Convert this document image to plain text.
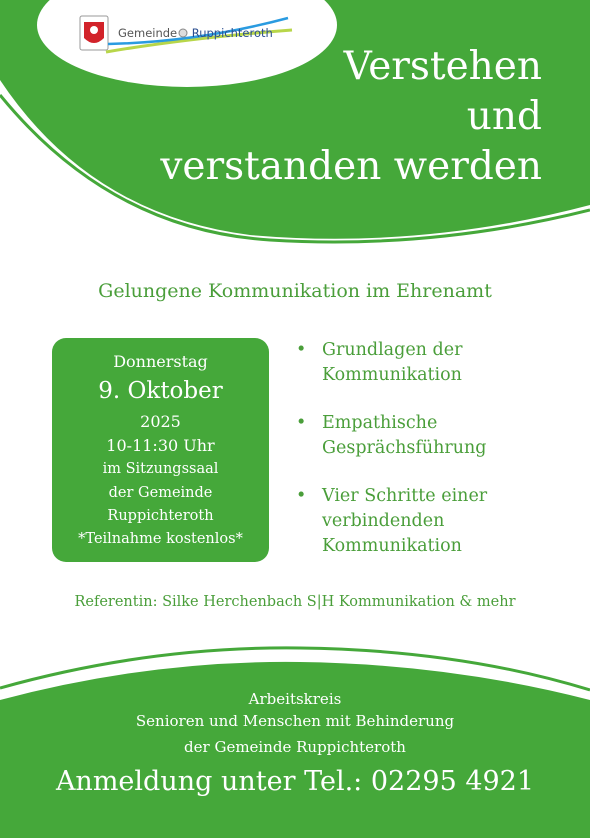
Gemeinde Ruppichteroth
Verstehen
und
verstanden werden
Gelungene Kommunikation im Ehrenamt
Donnerstag
9. Oktober
2025
10-11:30 Uhr
im Sitzungssaal
der Gemeinde
Ruppichteroth
*Teilnahme kostenlos*
• Grundlagen der
Kommunikation
• Empathische
Gesprächsführung
• Vier Schritte einer
verbindenden
Kommunikation
Referentin: Silke Herchenbach S|H Kommunikation & mehr
Arbeitskreis
Senioren und Menschen mit Behinderung
der Gemeinde Ruppichteroth
Anmeldung unter Tel.: 02295 4921
